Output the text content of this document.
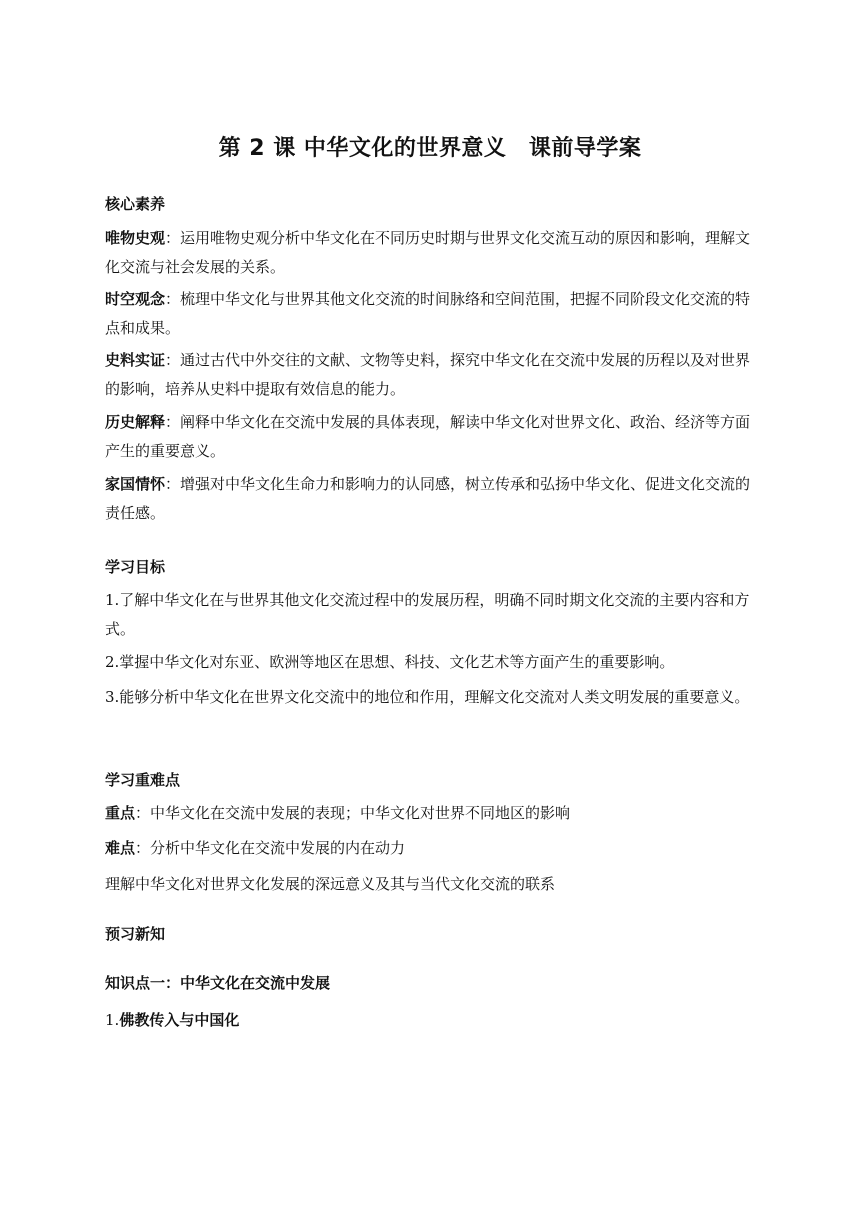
第 2 课 中华文化的世界意义　课前导学案
核心素养
唯物史观：运用唯物史观分析中华文化在不同历史时期与世界文化交流互动的原因和影响，理解文化交流与社会发展的关系。
时空观念：梳理中华文化与世界其他文化交流的时间脉络和空间范围，把握不同阶段文化交流的特点和成果。
史料实证：通过古代中外交往的文献、文物等史料，探究中华文化在交流中发展的历程以及对世界的影响，培养从史料中提取有效信息的能力。
历史解释：阐释中华文化在交流中发展的具体表现，解读中华文化对世界文化、政治、经济等方面产生的重要意义。
家国情怀：增强对中华文化生命力和影响力的认同感，树立传承和弘扬中华文化、促进文化交流的责任感。
学习目标
1.了解中华文化在与世界其他文化交流过程中的发展历程，明确不同时期文化交流的主要内容和方式。
2.掌握中华文化对东亚、欧洲等地区在思想、科技、文化艺术等方面产生的重要影响。
3.能够分析中华文化在世界文化交流中的地位和作用，理解文化交流对人类文明发展的重要意义。
学习重难点
重点：中华文化在交流中发展的表现；中华文化对世界不同地区的影响
难点：分析中华文化在交流中发展的内在动力
理解中华文化对世界文化发展的深远意义及其与当代文化交流的联系
预习新知
知识点一：中华文化在交流中发展
1.佛教传入与中国化
